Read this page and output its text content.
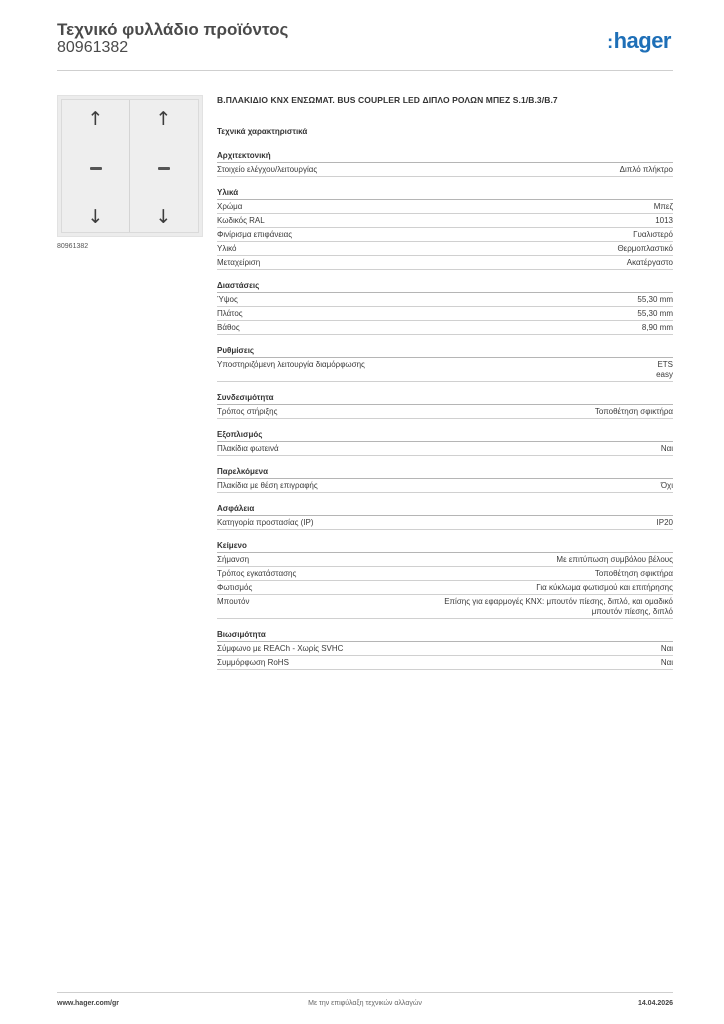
Τεχνικό φυλλάδιο προϊόντος
80961382	:hager
↑
↓
↑
↓
80961382
Β.ΠΛΑΚΙΔΙΟ KNX ΕΝΣΩΜΑΤ. BUS COUPLER LED ΔΙΠΛΟ ΡΟΛΩΝ ΜΠΕΖ S.1/B.3/B.7
Τεχνικά χαρακτηριστικά
Αρχιτεκτονική
Στοιχείο ελέγχου/λειτουργίας	Διπλό πλήκτρο
Υλικά
Χρώμα	Μπεζ
Κωδικός RAL	1013
Φινίρισμα επιφάνειας	Γυαλιστερό
Υλικό	Θερμοπλαστικό
Μεταχείριση	Ακατέργαστο
Διαστάσεις
Ύψος	55,30 mm
Πλάτος	55,30 mm
Βάθος	8,90 mm
Ρυθμίσεις
Υποστηριζόμενη λειτουργία διαμόρφωσης	ETS
easy
Συνδεσιμότητα
Τρόπος στήριξης	Τοποθέτηση σφικτήρα
Εξοπλισμός
Πλακίδια φωτεινά	Ναι
Παρελκόμενα
Πλακίδια με θέση επιγραφής	Όχι
Ασφάλεια
Κατηγορία προστασίας (IP)	IP20
Κείμενο
Σήμανση	Με επιτύπωση συμβόλου βέλους
Τρόπος εγκατάστασης	Τοποθέτηση σφικτήρα
Φωτισμός	Για κύκλωμα φωτισμού και επιτήρησης
Μπουτόν	Επίσης για εφαρμογές KNX: μπουτόν πίεσης, διπλό, και ομαδικό
μπουτόν πίεσης, διπλό
Βιωσιμότητα
Σύμφωνο με REACh - Χωρίς SVHC	Ναι
Συμμόρφωση RoHS	Ναι
www.hager.com/gr	Με την επιφύλαξη τεχνικών αλλαγών	14.04.2026
